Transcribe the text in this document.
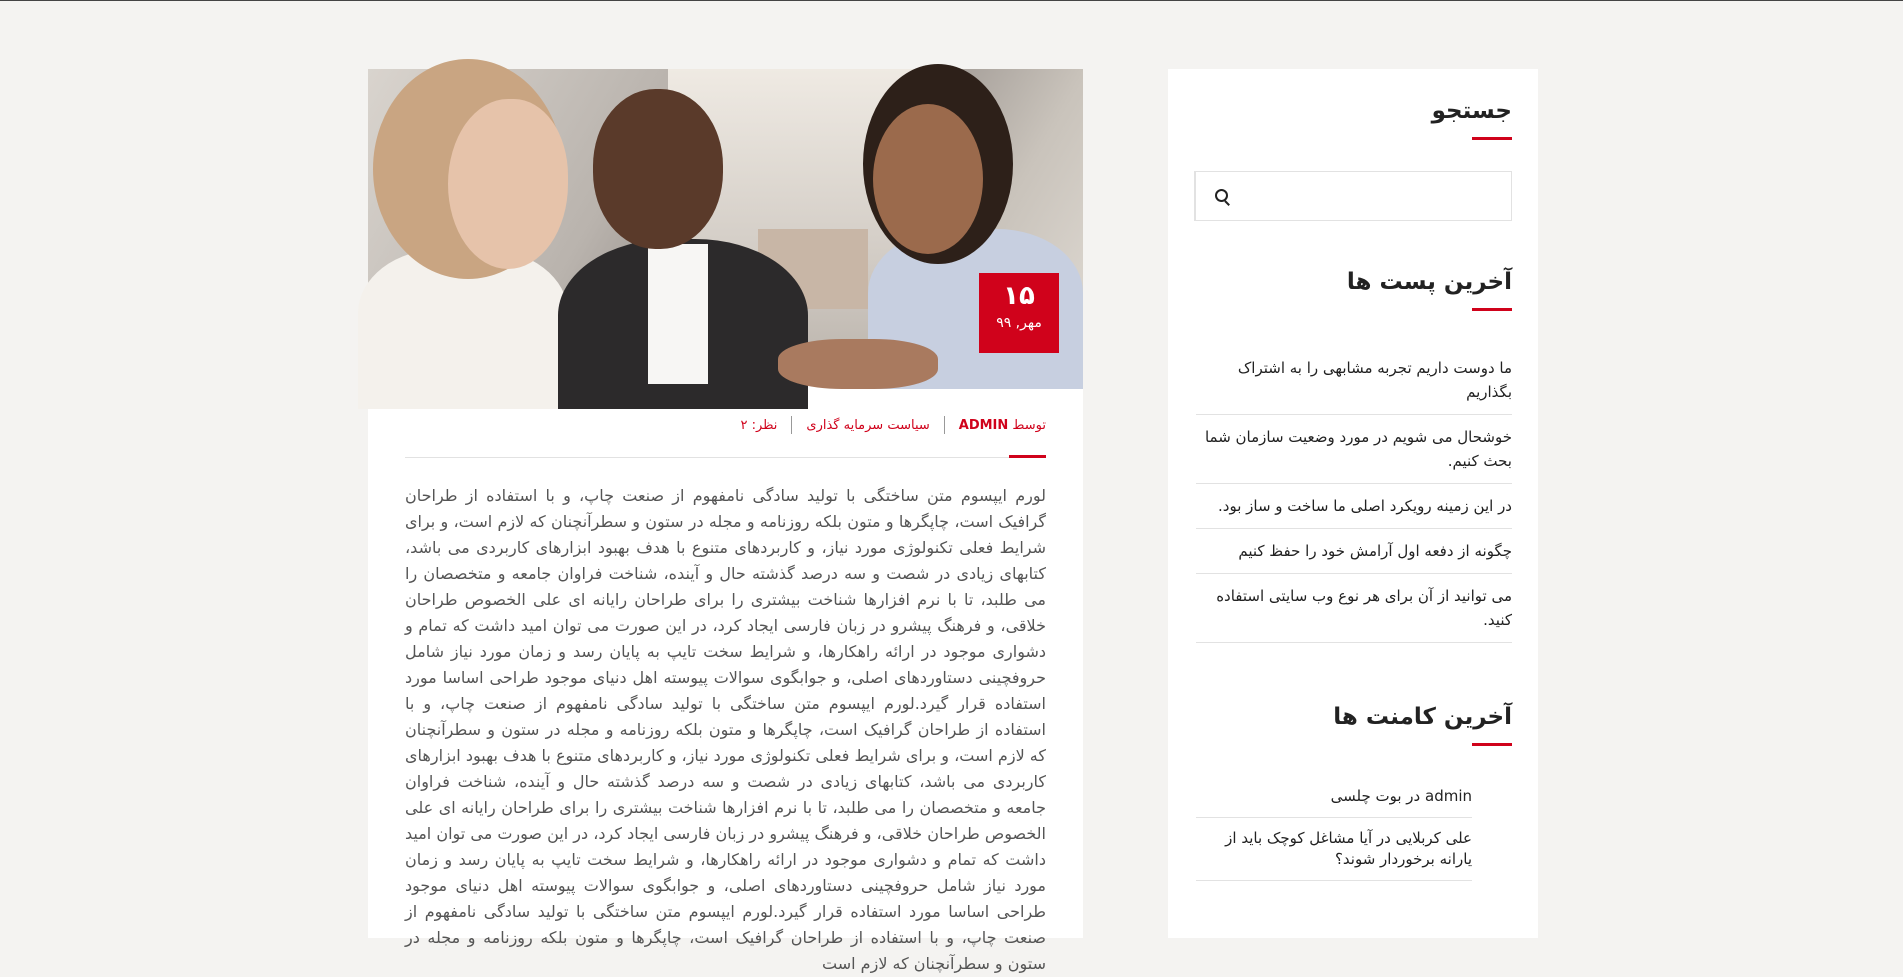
۱۵
مهر, ۹۹
توسط ADMIN
سیاست سرمایه گذاری
نظر: ۲

لورم ایپسوم متن ساختگی با تولید سادگی نامفهوم از صنعت چاپ، و با استفاده از طراحان گرافیک است، چاپگرها و متون بلکه روزنامه و مجله در ستون و سطرآنچنان که لازم است، و برای شرایط فعلی تکنولوژی مورد نیاز، و کاربردهای متنوع با هدف بهبود ابزارهای کاربردی می باشد، کتابهای زیادی در شصت و سه درصد گذشته حال و آینده، شناخت فراوان جامعه و متخصصان را می طلبد، تا با نرم افزارها شناخت بیشتری را برای طراحان رایانه ای علی الخصوص طراحان خلاقی، و فرهنگ پیشرو در زبان فارسی ایجاد کرد، در این صورت می توان امید داشت که تمام و دشواری موجود در ارائه راهکارها، و شرایط سخت تایپ به پایان رسد و زمان مورد نیاز شامل حروفچینی دستاوردهای اصلی، و جوابگوی سوالات پیوسته اهل دنیای موجود طراحی اساسا مورد استفاده قرار گیرد.لورم ایپسوم متن ساختگی با تولید سادگی نامفهوم از صنعت چاپ، و با استفاده از طراحان گرافیک است، چاپگرها و متون بلکه روزنامه و مجله در ستون و سطرآنچنان که لازم است، و برای شرایط فعلی تکنولوژی مورد نیاز، و کاربردهای متنوع با هدف بهبود ابزارهای کاربردی می باشد، کتابهای زیادی در شصت و سه درصد گذشته حال و آینده، شناخت فراوان جامعه و متخصصان را می طلبد، تا با نرم افزارها شناخت بیشتری را برای طراحان رایانه ای علی الخصوص طراحان خلاقی، و فرهنگ پیشرو در زبان فارسی ایجاد کرد، در این صورت می توان امید داشت که تمام و دشواری موجود در ارائه راهکارها، و شرایط سخت تایپ به پایان رسد و زمان مورد نیاز شامل حروفچینی دستاوردهای اصلی، و جوابگوی سوالات پیوسته اهل دنیای موجود طراحی اساسا مورد استفاده قرار گیرد.لورم ایپسوم متن ساختگی با تولید سادگی نامفهوم از صنعت چاپ، و با استفاده از طراحان گرافیک است، چاپگرها و متون بلکه روزنامه و مجله در ستون و سطرآنچنان که لازم است

جستجو
آخرین پست ها
ما دوست داریم تجربه مشابهی را به اشتراک بگذاریم
خوشحال می شویم در مورد وضعیت سازمان شما بحث کنیم.
در این زمینه رویکرد اصلی ما ساخت و ساز بود.
چگونه از دفعه اول آرامش خود را حفظ کنیم
می توانید از آن برای هر نوع وب سایتی استفاده کنید.
آخرین کامنت ها
admin در بوت چلسی
علی کربلایی در آیا مشاغل کوچک باید از یارانه برخوردار شوند؟
